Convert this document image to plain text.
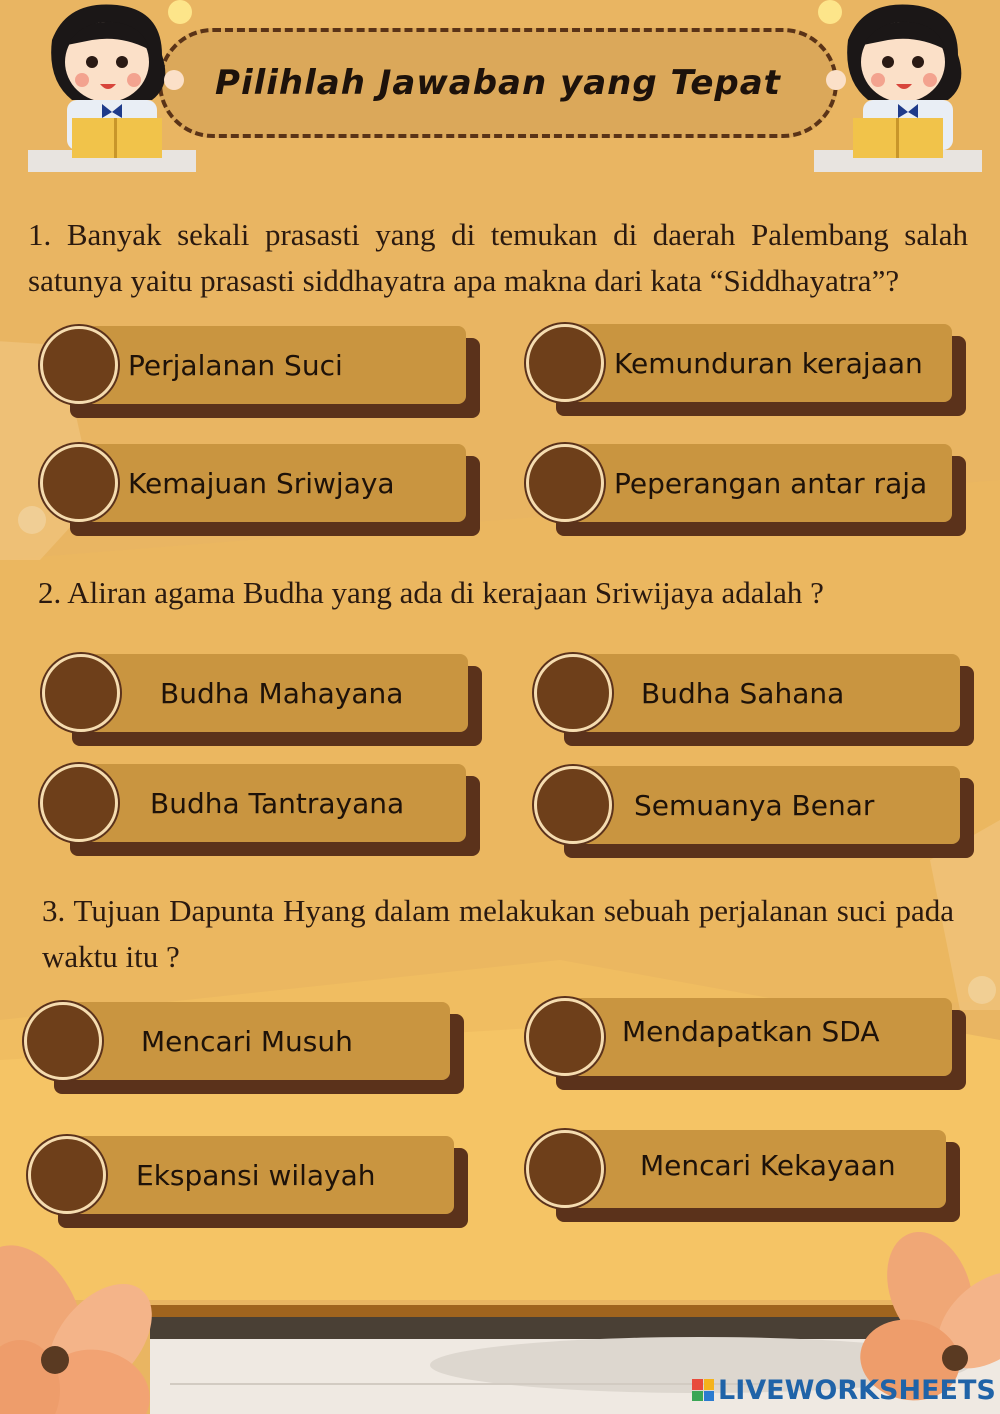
Pilihlah Jawaban yang Tepat
1. Banyak sekali prasasti yang di temukan di daerah Palembang salah satunya yaitu prasasti siddhayatra apa makna dari kata “Siddhayatra”?
Perjalanan Suci	Kemunduran kerajaan
Kemajuan Sriwjaya	Peperangan antar raja
2. Aliran agama Budha yang ada di kerajaan Sriwijaya adalah ?
Budha Mahayana	Budha Sahana
Budha Tantrayana	Semuanya Benar
3. Tujuan Dapunta Hyang dalam melakukan sebuah perjalanan suci pada waktu itu ?
Mencari Musuh	Mendapatkan SDA
Ekspansi wilayah	Mencari Kekayaan
LIVEWORKSHEETS
